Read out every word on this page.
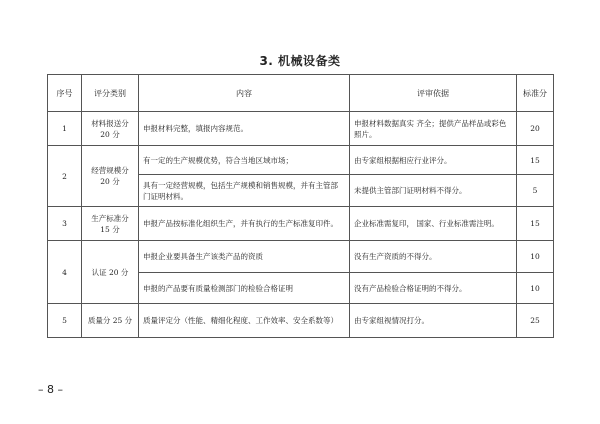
3. 机械设备类
序号	评分类别	内容	评审依据	标准分
1	材料报送分 20 分	申报材料完整，填报内容规范。	申报材料数据真实 齐全；提供产品样品或彩色照片。	20
2	经营规模分 20 分	有一定的生产规模优势，符合当地区域市场；	由专家组根据相应行业评分。	15
		具有一定经营规模，包括生产规模和销售规模，并有主管部门证明材料。	未提供主管部门证明材料不得分。	5
3	生产标准分 15 分	申报产品按标准化组织生产，并有执行的生产标准复印件。	企业标准需复印， 国家、行业标准需注明。	15
4	认证 20 分	申报企业要具备生产该类产品的资质	没有生产资质的不得分。	10
		申报的产品要有质量检测部门的检验合格证明	没有产品检验合格证明的不得分。	10
5	质量分 25 分	质量评定分（性能、精细化程度、工作效率、安全系数等）	由专家组视情况打分。	25
– 8 –
